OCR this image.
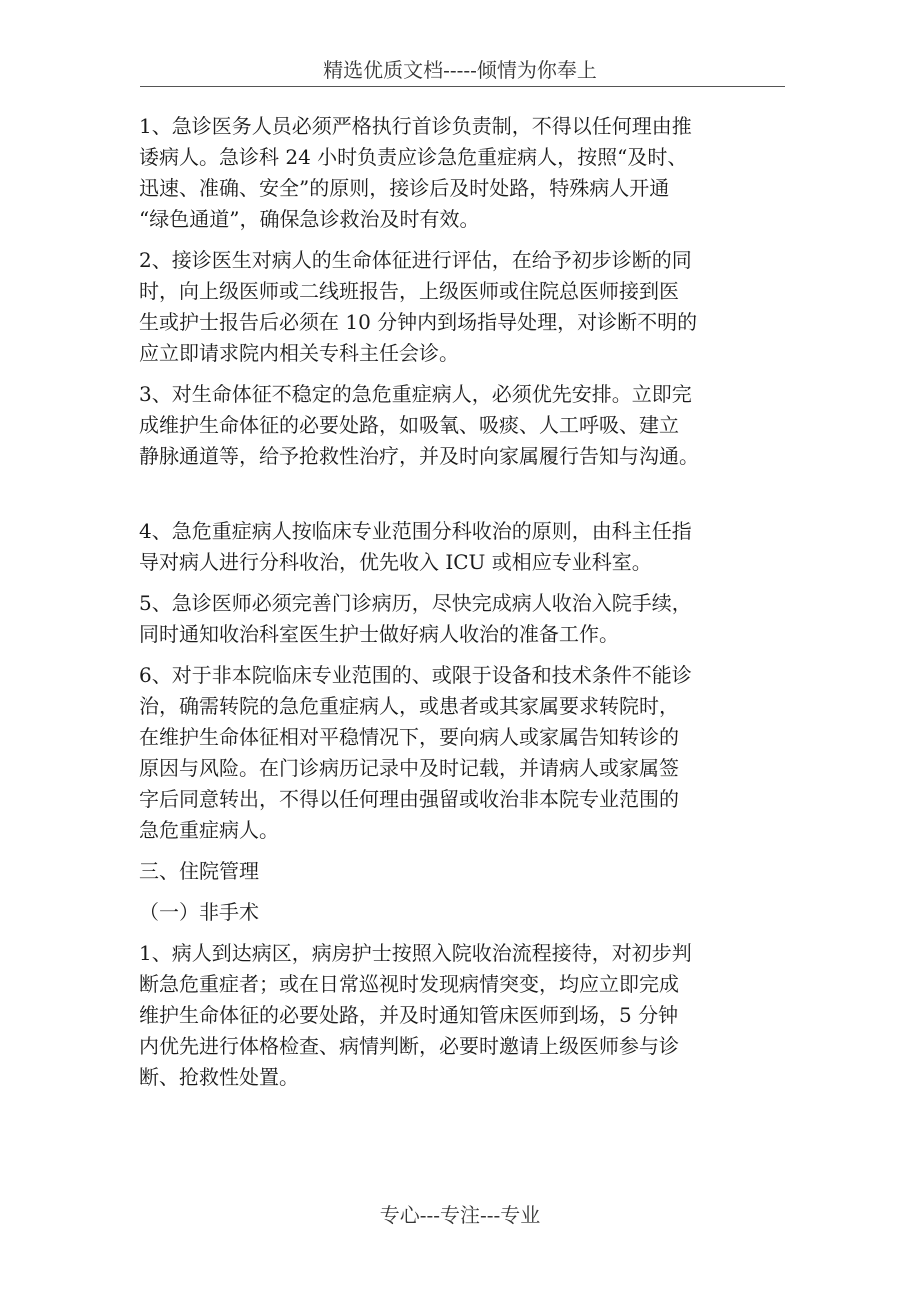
精选优质文档-----倾情为你奉上

1、急诊医务人员必须严格执行首诊负责制，不得以任何理由推
诿病人。急诊科 24 小时负责应诊急危重症病人，按照“及时、
迅速、准确、安全”的原则，接诊后及时处路，特殊病人开通
“绿色通道”，确保急诊救治及时有效。

2、接诊医生对病人的生命体征进行评估，在给予初步诊断的同
时，向上级医师或二线班报告，上级医师或住院总医师接到医
生或护士报告后必须在 10 分钟内到场指导处理，对诊断不明的
应立即请求院内相关专科主任会诊。

3、对生命体征不稳定的急危重症病人，必须优先安排。立即完
成维护生命体征的必要处路，如吸氧、吸痰、人工呼吸、建立
静脉通道等，给予抢救性治疗，并及时向家属履行告知与沟通。

4、急危重症病人按临床专业范围分科收治的原则，由科主任指
导对病人进行分科收治，优先收入 ICU 或相应专业科室。

5、急诊医师必须完善门诊病历，尽快完成病人收治入院手续，
同时通知收治科室医生护士做好病人收治的准备工作。

6、对于非本院临床专业范围的、或限于设备和技术条件不能诊
治，确需转院的急危重症病人，或患者或其家属要求转院时，
在维护生命体征相对平稳情况下，要向病人或家属告知转诊的
原因与风险。在门诊病历记录中及时记载，并请病人或家属签
字后同意转出，不得以任何理由强留或收治非本院专业范围的
急危重症病人。

三、住院管理
（一）非手术

1、病人到达病区，病房护士按照入院收治流程接待，对初步判
断急危重症者；或在日常巡视时发现病情突变，均应立即完成
维护生命体征的必要处路，并及时通知管床医师到场，5 分钟
内优先进行体格检查、病情判断，必要时邀请上级医师参与诊
断、抢救性处置。

专心---专注---专业
